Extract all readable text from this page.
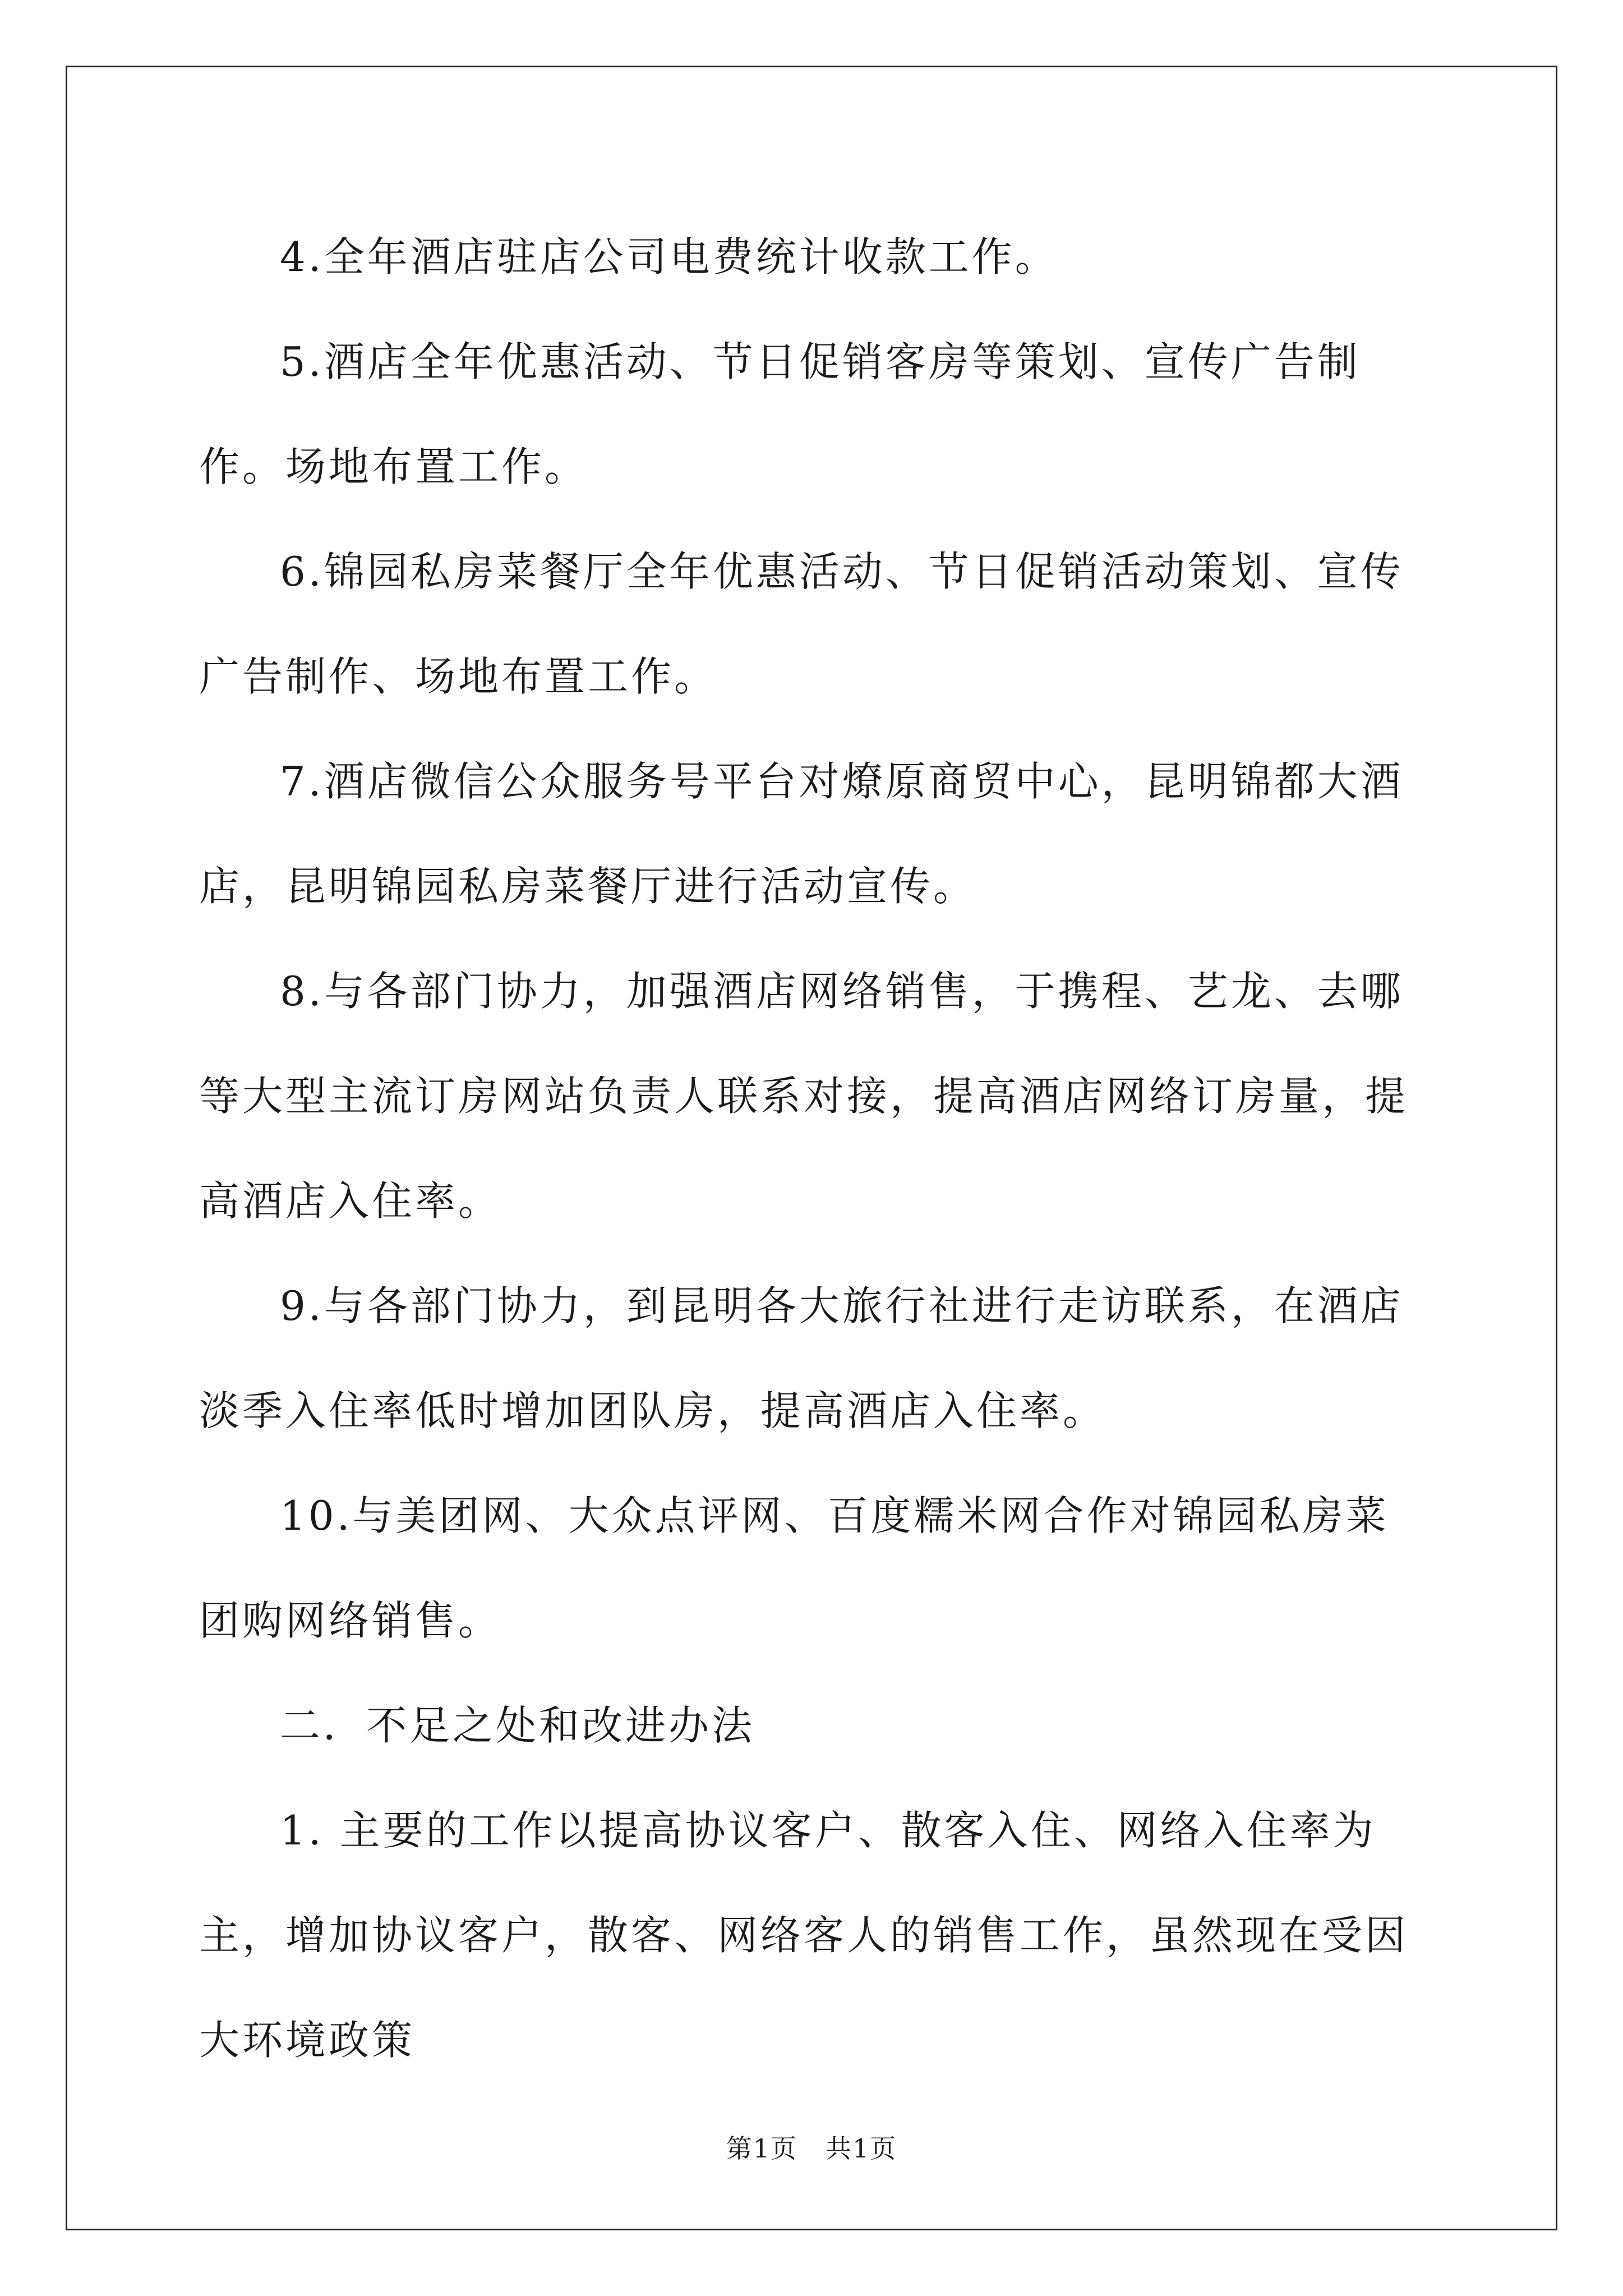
4.全年酒店驻店公司电费统计收款工作。

5.酒店全年优惠活动、节日促销客房等策划、宣传广告制作。场地布置工作。

6.锦园私房菜餐厅全年优惠活动、节日促销活动策划、宣传广告制作、场地布置工作。

7.酒店微信公众服务号平台对燎原商贸中心，昆明锦都大酒店，昆明锦园私房菜餐厅进行活动宣传。

8.与各部门协力，加强酒店网络销售，于携程、艺龙、去哪等大型主流订房网站负责人联系对接，提高酒店网络订房量，提高酒店入住率。

9.与各部门协力，到昆明各大旅行社进行走访联系，在酒店淡季入住率低时增加团队房，提高酒店入住率。

10.与美团网、大众点评网、百度糯米网合作对锦园私房菜团购网络销售。

二．不足之处和改进办法

1. 主要的工作以提高协议客户、散客入住、网络入住率为主，增加协议客户，散客、网络客人的销售工作，虽然现在受因大环境政策

第1页 共1页
